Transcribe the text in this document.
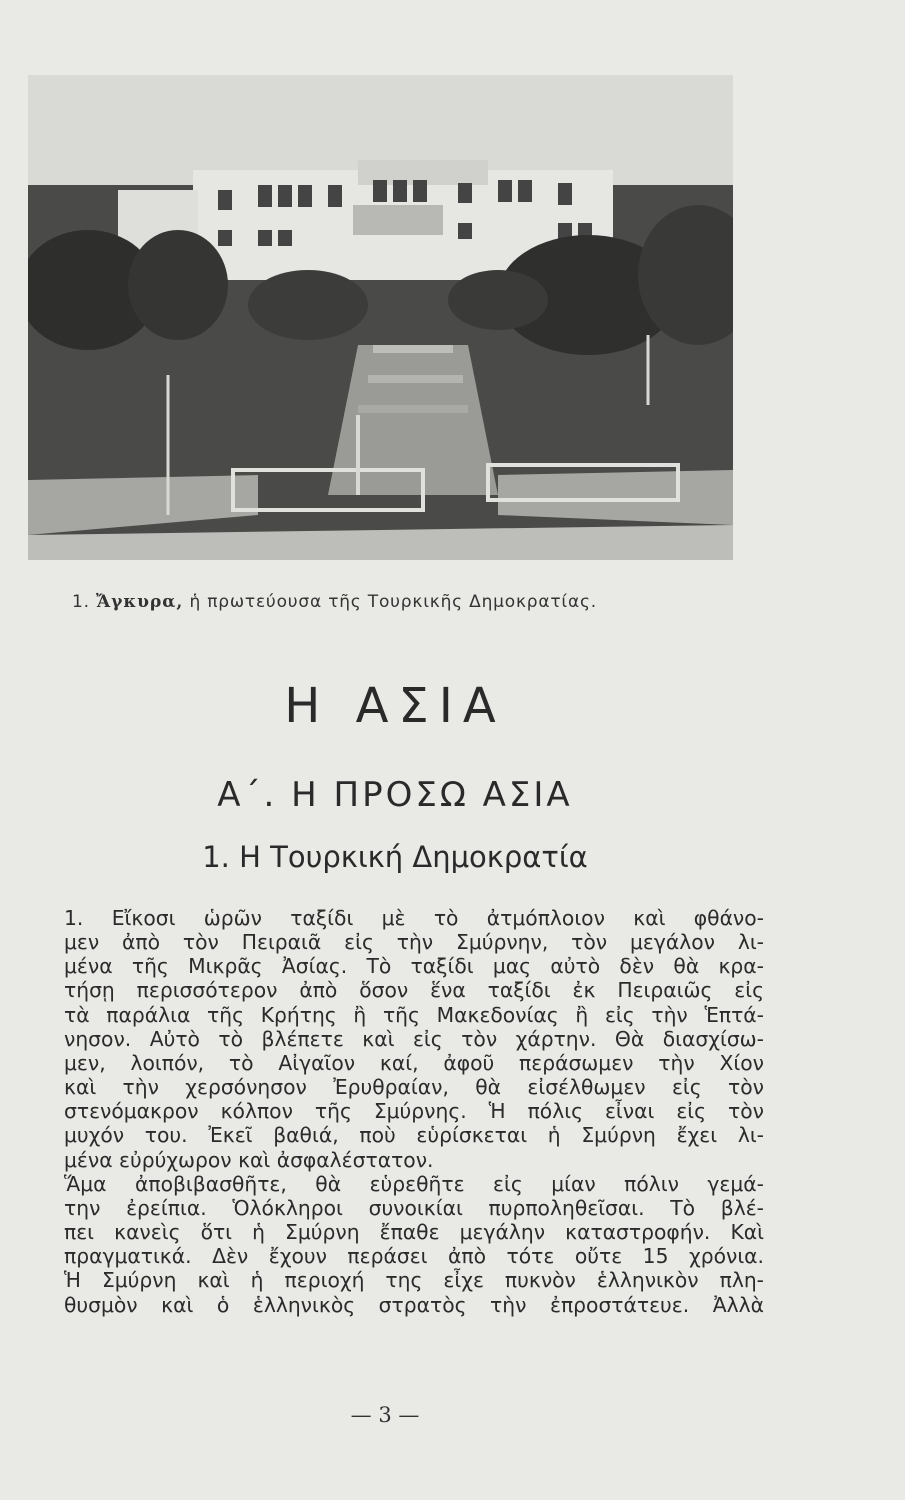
1. Ἄγκυρα, ἡ πρωτεύουσα τῆς Τουρκικῆς Δημοκρατίας.
Η ΑΣΙΑ
Α΄. Η ΠΡΟΣΩ ΑΣΙΑ
1. Η Τουρκική Δημοκρατία
1. Εἴκοσι ὡρῶν ταξίδι μὲ τὸ ἀτμόπλοιον καὶ φθάνο-
μεν ἀπὸ τὸν Πειραιᾶ εἰς τὴν Σμύρνην, τὸν μεγάλον λι-
μένα τῆς Μικρᾶς Ἀσίας. Τὸ ταξίδι μας αὐτὸ δὲν θὰ κρα-
τήσῃ περισσότερον ἀπὸ ὅσον ἕνα ταξίδι ἐκ Πειραιῶς εἰς
τὰ παράλια τῆς Κρήτης ἢ τῆς Μακεδονίας ἢ εἰς τὴν Ἑπτά-
νησον. Αὐτὸ τὸ βλέπετε καὶ εἰς τὸν χάρτην. Θὰ διασχίσω-
μεν, λοιπόν, τὸ Αἰγαῖον καί, ἀφοῦ περάσωμεν τὴν Χίον
καὶ τὴν χερσόνησον Ἐρυθραίαν, θὰ εἰσέλθωμεν εἰς τὸν
στενόμακρον κόλπον τῆς Σμύρνης. Ἡ πόλις εἶναι εἰς τὸν
μυχόν του. Ἐκεῖ βαθιά, ποὺ εὑρίσκεται ἡ Σμύρνη ἔχει λι-
μένα εὐρύχωρον καὶ ἀσφαλέστατον.
Ἅμα ἀποβιβασθῆτε, θὰ εὑρεθῆτε εἰς μίαν πόλιν γεμά-
την ἐρείπια. Ὁλόκληροι συνοικίαι πυρποληθεῖσαι. Τὸ βλέ-
πει κανεὶς ὅτι ἡ Σμύρνη ἔπαθε μεγάλην καταστροφήν. Καὶ
πραγματικά. Δὲν ἔχουν περάσει ἀπὸ τότε οὔτε 15 χρόνια.
Ἡ Σμύρνη καὶ ἡ περιοχή της εἶχε πυκνὸν ἑλληνικὸν πλη-
θυσμὸν καὶ ὁ ἑλληνικὸς στρατὸς τὴν ἐπροστάτευε. Ἀλλὰ
— 3 —
